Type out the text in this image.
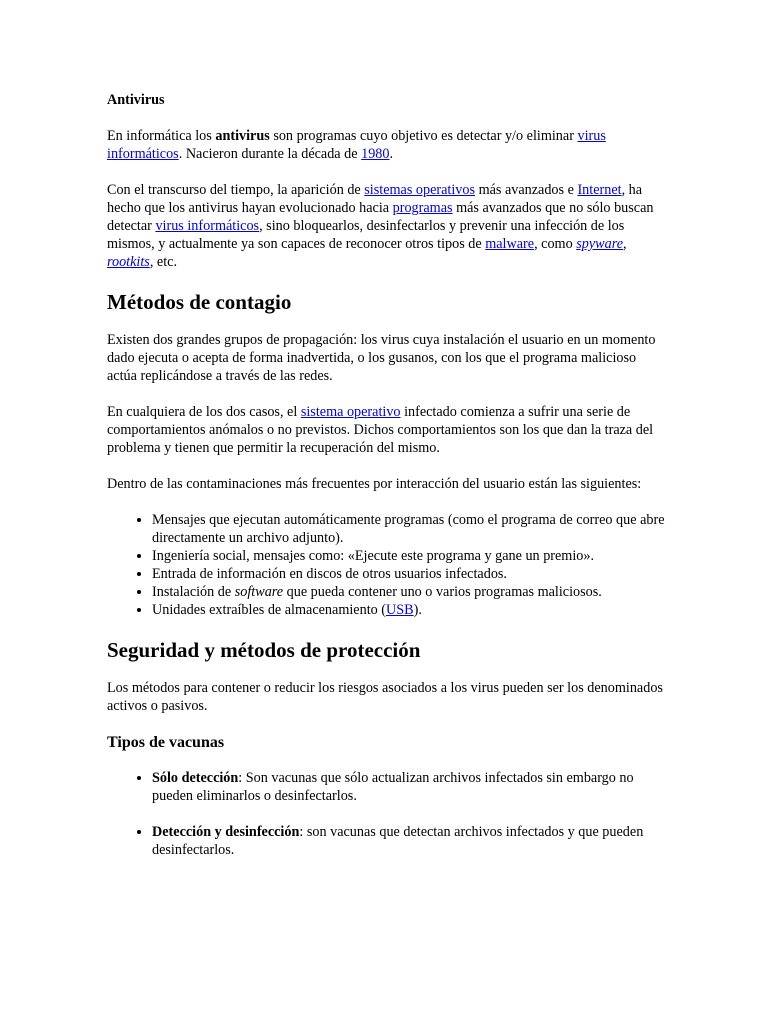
Antivirus

En informática los antivirus son programas cuyo objetivo es detectar y/o eliminar virus informáticos. Nacieron durante la década de 1980.

Con el transcurso del tiempo, la aparición de sistemas operativos más avanzados e Internet, ha hecho que los antivirus hayan evolucionado hacia programas más avanzados que no sólo buscan detectar virus informáticos, sino bloquearlos, desinfectarlos y prevenir una infección de los mismos, y actualmente ya son capaces de reconocer otros tipos de malware, como spyware, rootkits, etc.

Métodos de contagio

Existen dos grandes grupos de propagación: los virus cuya instalación el usuario en un momento dado ejecuta o acepta de forma inadvertida, o los gusanos, con los que el programa malicioso actúa replicándose a través de las redes.

En cualquiera de los dos casos, el sistema operativo infectado comienza a sufrir una serie de comportamientos anómalos o no previstos. Dichos comportamientos son los que dan la traza del problema y tienen que permitir la recuperación del mismo.

Dentro de las contaminaciones más frecuentes por interacción del usuario están las siguientes:

• Mensajes que ejecutan automáticamente programas (como el programa de correo que abre directamente un archivo adjunto).
• Ingeniería social, mensajes como: «Ejecute este programa y gane un premio».
• Entrada de información en discos de otros usuarios infectados.
• Instalación de software que pueda contener uno o varios programas maliciosos.
• Unidades extraíbles de almacenamiento (USB).
Seguridad y métodos de protección

Los métodos para contener o reducir los riesgos asociados a los virus pueden ser los denominados activos o pasivos.

Tipos de vacunas
• Sólo detección: Son vacunas que sólo actualizan archivos infectados sin embargo no pueden eliminarlos o desinfectarlos.
• Detección y desinfección: son vacunas que detectan archivos infectados y que pueden desinfectarlos.
